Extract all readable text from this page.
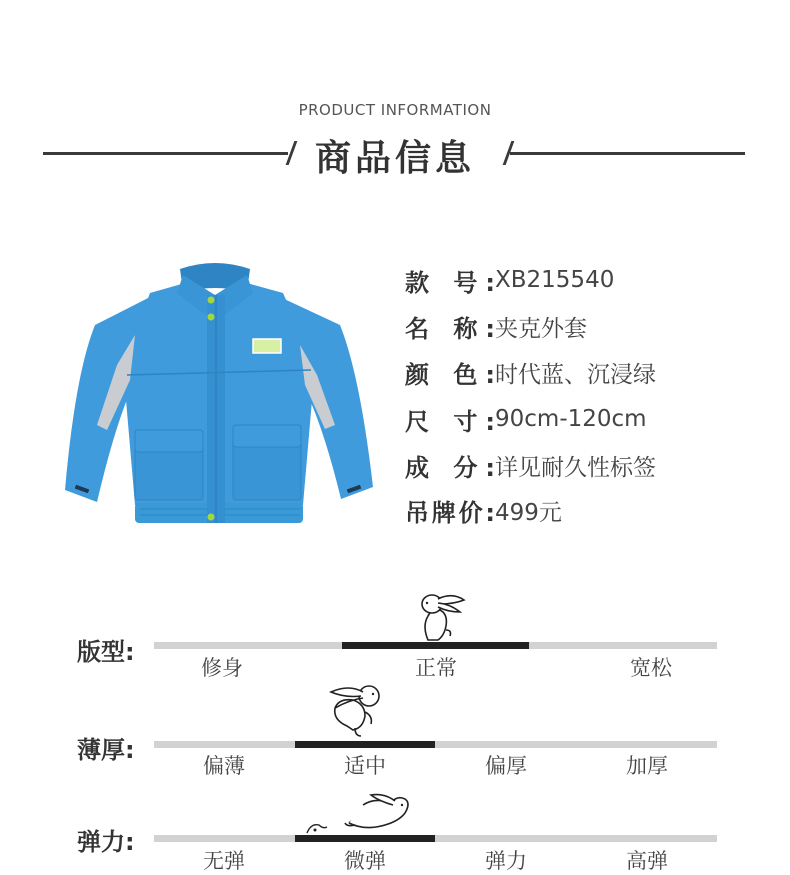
PRODUCT INFORMATION
商品信息
款 号: XB215540
名 称: 夹克外套
颜 色: 时代蓝、沉浸绿
尺 寸: 90cm-120cm
成 分: 详见耐久性标签
吊牌价: 499元
版型:
修身	正常	宽松
薄厚:
偏薄	适中	偏厚	加厚
弹力:
无弹	微弹	弹力	高弹
